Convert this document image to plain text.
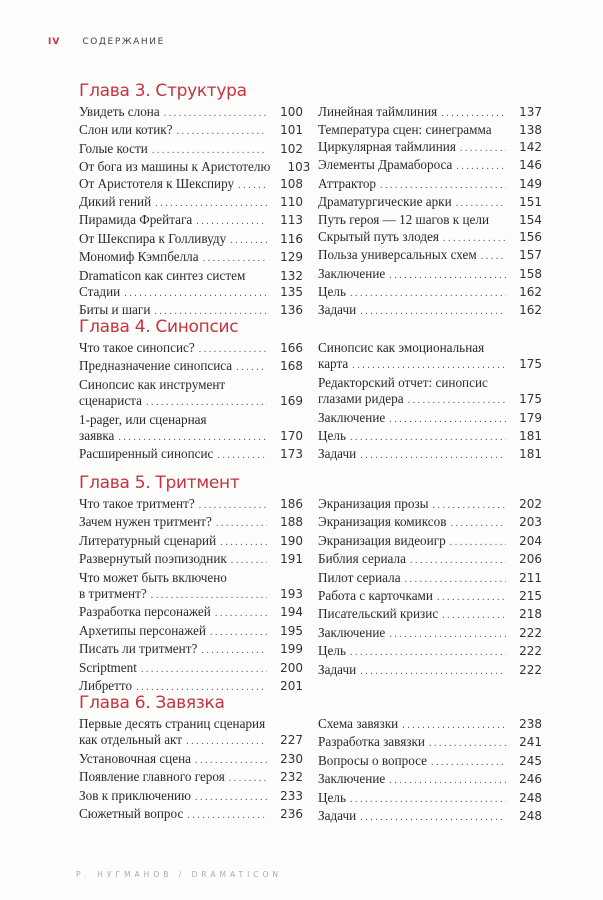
IV СОДЕРЖАНИЕ
Глава 3. Структура
Увидеть слона . . .	100
Слон или котик? . . .	101
Голые кости . . .	102
От бога из машины к Аристотелю	103
От Аристотеля к Шекспиру . . .	108
Дикий гений . . .	110
Пирамида Фрейтага . . .	113
От Шекспира к Голливуду . . .	116
Мономиф Кэмпбелла . . .	129
Dramaticon как синтез систем	132
Стадии . . .	135
Биты и шаги . . .	136
Линейная таймлиния . . .	137
Температура сцен: синеграмма	138
Циркулярная таймлиния . . .	142
Элементы Драмабороса . . .	146
Аттрактор . . .	149
Драматургические арки . . .	151
Путь героя — 12 шагов к цели	154
Скрытый путь злодея . . .	156
Польза универсальных схем . . .	157
Заключение . . .	158
Цель . . .	162
Задачи . . .	162
Глава 4. Синопсис
Что такое синопсис? . . .	166
Предназначение синопсиса . . .	168
Синопсис как инструмент
сценариста . . .	169
1-pager, или сценарная
заявка . . .	170
Расширенный синопсис . . .	173
Синопсис как эмоциональная
карта . . .	175
Редакторский отчет: синопсис
глазами ридера . . .	175
Заключение . . .	179
Цель . . .	181
Задачи . . .	181
Глава 5. Тритмент
Что такое тритмент? . . .	186
Зачем нужен тритмент? . . .	188
Литературный сценарий . . .	190
Развернутый поэпизодник . . .	191
Что может быть включено
в тритмент? . . .	193
Разработка персонажей . . .	194
Архетипы персонажей . . .	195
Писать ли тритмент? . . .	199
Scriptment . . .	200
Либретто . . .	201
Экранизация прозы . . .	202
Экранизация комиксов . . .	203
Экранизация видеоигр . . .	204
Библия сериала . . .	206
Пилот сериала . . .	211
Работа с карточками . . .	215
Писательский кризис . . .	218
Заключение . . .	222
Цель . . .	222
Задачи . . .	222
Глава 6. Завязка
Первые десять страниц сценария
как отдельный акт . . .	227
Установочная сцена . . .	230
Появление главного героя . . .	232
Зов к приключению . . .	233
Сюжетный вопрос . . .	236
Схема завязки . . .	238
Разработка завязки . . .	241
Вопросы о вопросе . . .	245
Заключение . . .	246
Цель . . .	248
Задачи . . .	248
Р. НУГМАНОВ / DRAMATICON
